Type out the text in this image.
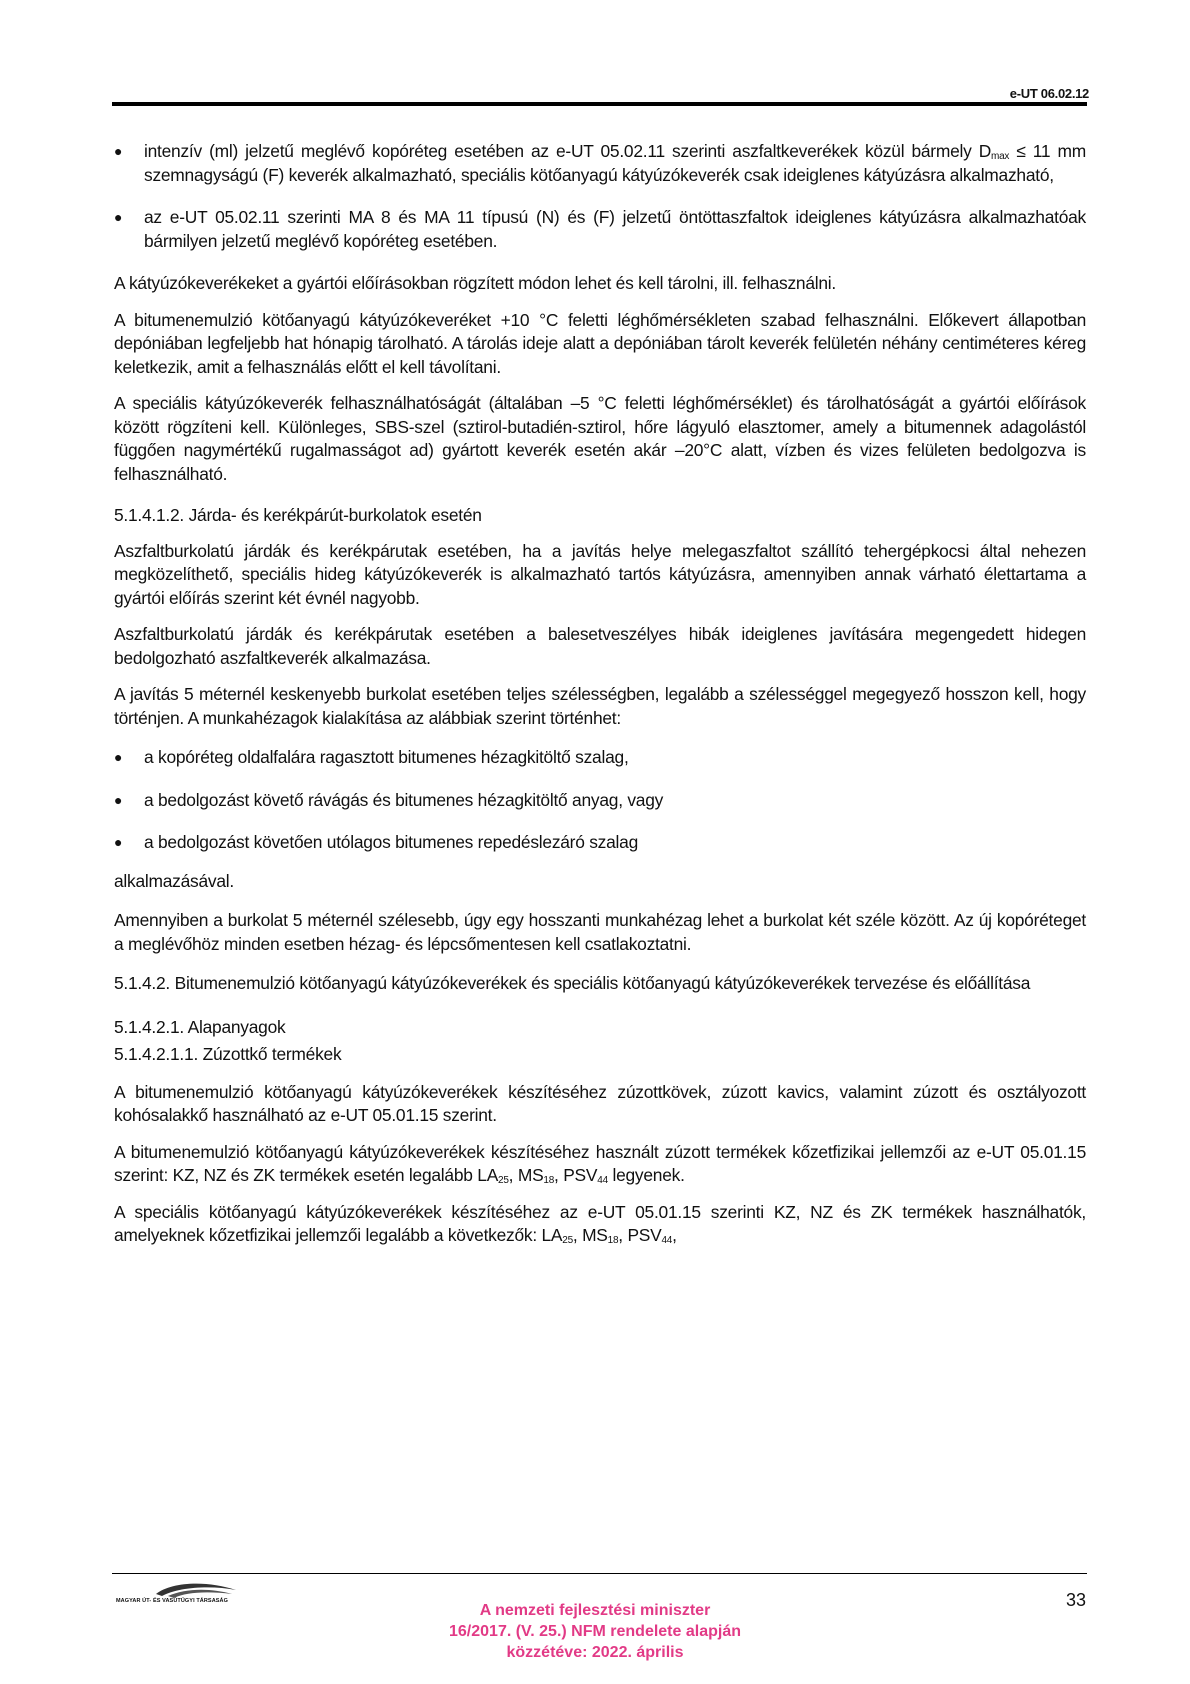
e-UT 06.02.12
●	intenzív (ml) jelzetű meglévő kopóréteg esetében az e-UT 05.02.11 szerinti aszfaltkeverékek közül bármely $D_{max} \le 11$ mm szemnagyságú (F) keverék alkalmazható, speciális kötőanyagú kátyúzókeverék csak ideiglenes kátyúzásra alkalmazható,
●	az e-UT 05.02.11 szerinti MA 8 és MA 11 típusú (N) és (F) jelzetű öntöttaszfaltok ideiglenes kátyúzásra alkalmazhatóak bármilyen jelzetű meglévő kopóréteg esetében.

A kátyúzókeverékeket a gyártói előírásokban rögzített módon lehet és kell tárolni, ill. felhasználni.

A bitumenemulzió kötőanyagú kátyúzókeveréket +10 °C feletti léghőmérsékleten szabad felhasználni. Előkevert állapotban depóniában legfeljebb hat hónapig tárolható. A tárolás ideje alatt a depóniában tárolt keverék felületén néhány centiméteres kéreg keletkezik, amit a felhasználás előtt el kell távolítani.

A speciális kátyúzókeverék felhasználhatóságát (általában –5 °C feletti léghőmérséklet) és tárolhatóságát a gyártói előírások között rögzíteni kell. Különleges, SBS-szel (sztirol-butadién-sztirol, hőre lágyuló elasztomer, amely a bitumennek adagolástól függően nagymértékű rugalmasságot ad) gyártott keverék esetén akár –20°C alatt, vízben és vizes felületen bedolgozva is felhasználható.

5.1.4.1.2. Járda- és kerékpárút-burkolatok esetén

Aszfaltburkolatú járdák és kerékpárutak esetében, ha a javítás helye melegaszfaltot szállító tehergépkocsi által nehezen megközelíthető, speciális hideg kátyúzókeverék is alkalmazható tartós kátyúzásra, amennyiben annak várható élettartama a gyártói előírás szerint két évnél nagyobb.

Aszfaltburkolatú járdák és kerékpárutak esetében a balesetveszélyes hibák ideiglenes javítására megengedett hidegen bedolgozható aszfaltkeverék alkalmazása.

A javítás 5 méternél keskenyebb burkolat esetében teljes szélességben, legalább a szélességgel megegyező hosszon kell, hogy történjen. A munkahézagok kialakítása az alábbiak szerint történhet:

●	a kopóréteg oldalfalára ragasztott bitumenes hézagkitöltő szalag,
●	a bedolgozást követő rávágás és bitumenes hézagkitöltő anyag, vagy
●	a bedolgozást követően utólagos bitumenes repedéslezáró szalag

alkalmazásával.

Amennyiben a burkolat 5 méternél szélesebb, úgy egy hosszanti munkahézag lehet a burkolat két széle között. Az új kopóréteget a meglévőhöz minden esetben hézag- és lépcsőmentesen kell csatlakoztatni.

5.1.4.2. Bitumenemulzió kötőanyagú kátyúzókeverékek és speciális kötőanyagú kátyúzókeverékek tervezése és előállítása

5.1.4.2.1. Alapanyagok

5.1.4.2.1.1. Zúzottkő termékek

A bitumenemulzió kötőanyagú kátyúzókeverékek készítéséhez zúzottkövek, zúzott kavics, valamint zúzott és osztályozott kohósalakkő használható az e-UT 05.01.15 szerint.

A bitumenemulzió kötőanyagú kátyúzókeverékek készítéséhez használt zúzott termékek kőzetfizikai jellemzői az e-UT 05.01.15 szerint: KZ, NZ és ZK termékek esetén legalább $LA_{25}$, $MS_{18}$, $PSV_{44}$ legyenek.

A speciális kötőanyagú kátyúzókeverékek készítéséhez az e-UT 05.01.15 szerinti KZ, NZ és ZK termékek használhatók, amelyeknek kőzetfizikai jellemzői legalább a következők: $LA_{25}$, $MS_{18}$, $PSV_{44}$,

MAGYAR ÚT- ÉS VASÚTÜGYI TÁRSASÁG	33
A nemzeti fejlesztési miniszter
16/2017. (V. 25.) NFM rendelete alapján
közzétéve: 2022. április
